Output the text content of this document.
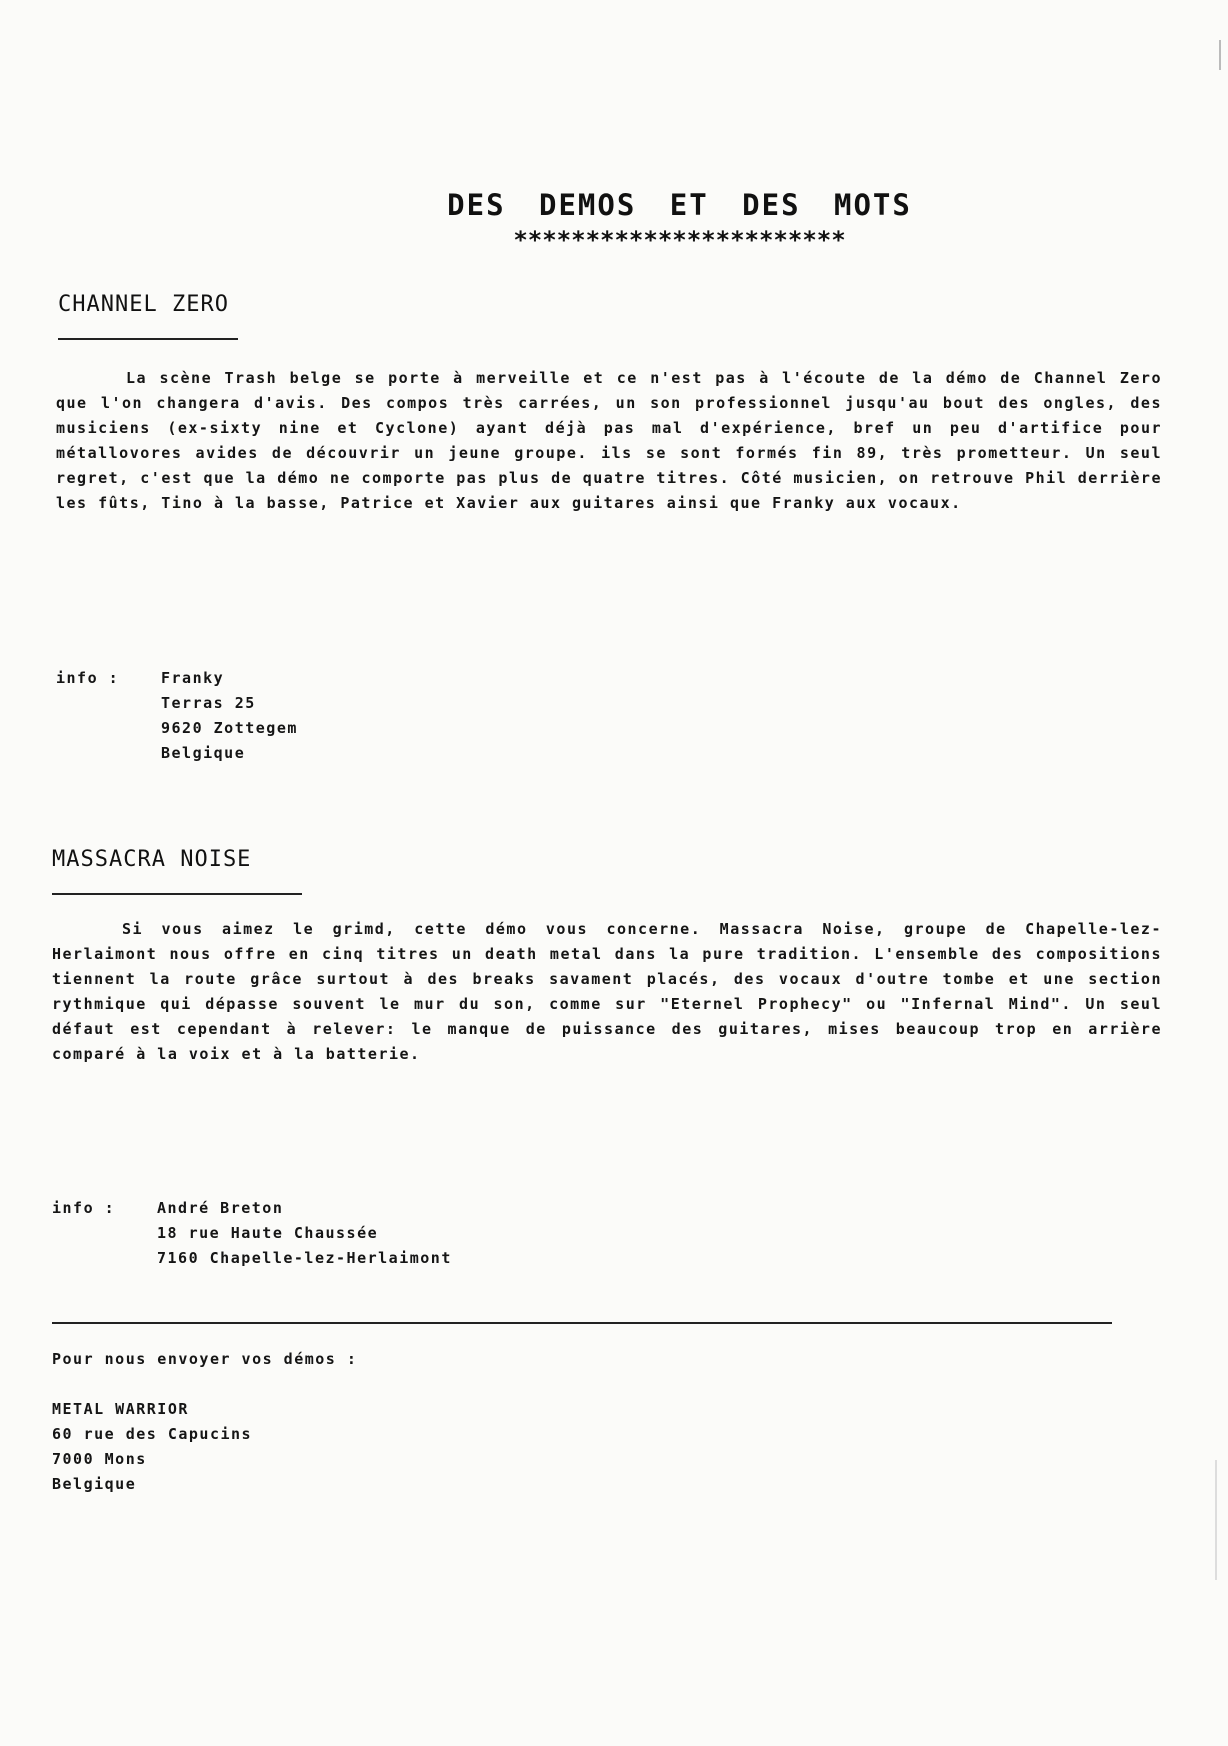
DES DEMOS ET DES MOTS
***********************
CHANNEL ZERO
La scène Trash belge se porte à merveille et ce n'est pas à l'écoute de la démo de Channel Zero que l'on changera d'avis. Des compos très carrées, un son professionnel jusqu'au bout des ongles, des musiciens (ex-sixty nine et Cyclone) ayant déjà pas mal d'expérience, bref un peu d'artifice pour métallovores avides de découvrir un jeune groupe. ils se sont formés fin 89, très prometteur. Un seul regret, c'est que la démo ne comporte pas plus de quatre titres. Côté musicien, on retrouve Phil derrière les fûts, Tino à la basse, Patrice et Xavier aux guitares ainsi que Franky aux vocaux.
info :	Franky
Terras 25
9620 Zottegem
Belgique
MASSACRA NOISE
Si vous aimez le grimd, cette démo vous concerne. Massacra Noise, groupe de Chapelle-lez-Herlaimont nous offre en cinq titres un death metal dans la pure tradition. L'ensemble des compositions tiennent la route grâce surtout à des breaks savament placés, des vocaux d'outre tombe et une section rythmique qui dépasse souvent le mur du son, comme sur "Eternel Prophecy" ou "Infernal Mind". Un seul défaut est cependant à relever: le manque de puissance des guitares, mises beaucoup trop en arrière comparé à la voix et à la batterie.
info :	André Breton
18 rue Haute Chaussée
7160 Chapelle-lez-Herlaimont
Pour nous envoyer vos démos :
METAL WARRIOR
60 rue des Capucins
7000 Mons
Belgique
